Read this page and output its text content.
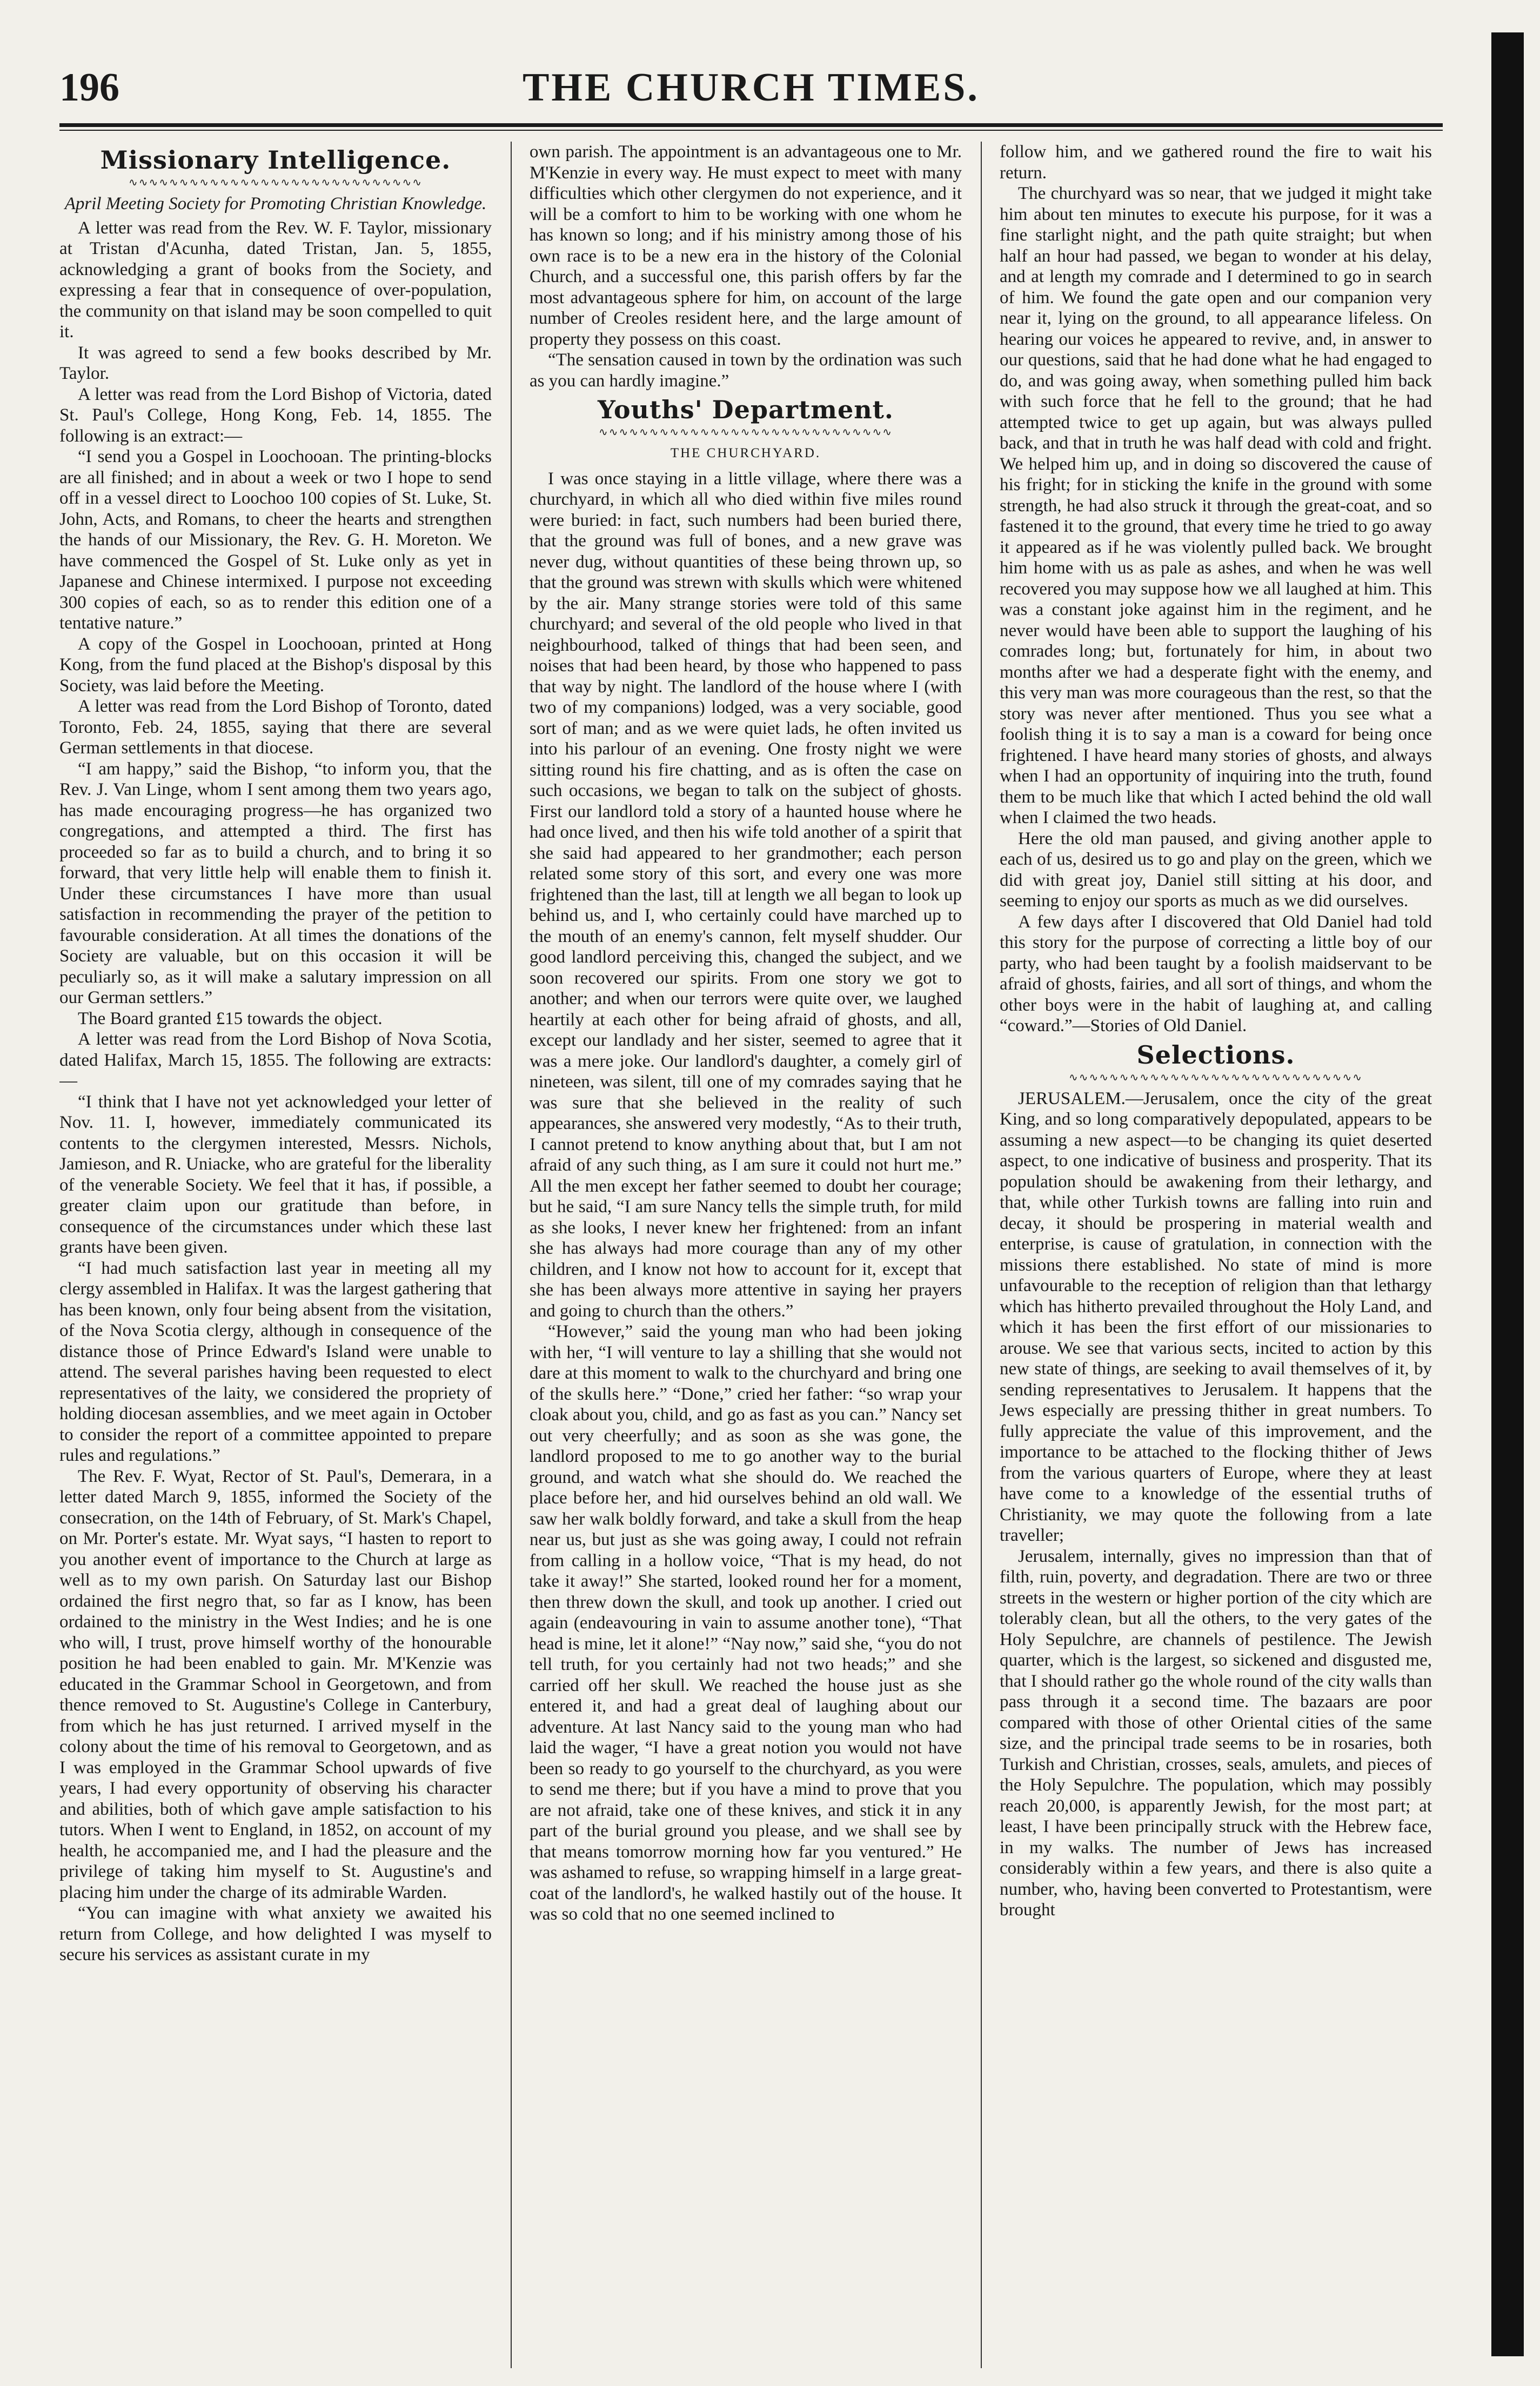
196	THE CHURCH TIMES.
Missionary Intelligence.
∿∿∿∿∿∿∿∿∿∿∿∿∿∿∿∿∿∿∿∿∿∿∿∿∿∿∿∿∿
April Meeting Society for Promoting Christian Knowledge.

A letter was read from the Rev. W. F. Taylor, missionary at Tristan d'Acunha, dated Tristan, Jan. 5, 1855, acknowledging a grant of books from the Society, and expressing a fear that in consequence of over-population, the community on that island may be soon compelled to quit it.

It was agreed to send a few books described by Mr. Taylor.

A letter was read from the Lord Bishop of Victoria, dated St. Paul's College, Hong Kong, Feb. 14, 1855. The following is an extract:—

“I send you a Gospel in Loochooan. The printing-blocks are all finished; and in about a week or two I hope to send off in a vessel direct to Loochoo 100 copies of St. Luke, St. John, Acts, and Romans, to cheer the hearts and strengthen the hands of our Missionary, the Rev. G. H. Moreton. We have commenced the Gospel of St. Luke only as yet in Japanese and Chinese intermixed. I purpose not exceeding 300 copies of each, so as to render this edition one of a tentative nature.”

A copy of the Gospel in Loochooan, printed at Hong Kong, from the fund placed at the Bishop's disposal by this Society, was laid before the Meeting.

A letter was read from the Lord Bishop of Toronto, dated Toronto, Feb. 24, 1855, saying that there are several German settlements in that diocese.

“I am happy,” said the Bishop, “to inform you, that the Rev. J. Van Linge, whom I sent among them two years ago, has made encouraging progress—he has organized two congregations, and attempted a third. The first has proceeded so far as to build a church, and to bring it so forward, that very little help will enable them to finish it. Under these circumstances I have more than usual satisfaction in recommending the prayer of the petition to favourable consideration. At all times the donations of the Society are valuable, but on this occasion it will be peculiarly so, as it will make a salutary impression on all our German settlers.”

The Board granted £15 towards the object.

A letter was read from the Lord Bishop of Nova Scotia, dated Halifax, March 15, 1855. The following are extracts:—

“I think that I have not yet acknowledged your letter of Nov. 11. I, however, immediately communicated its contents to the clergymen interested, Messrs. Nichols, Jamieson, and R. Uniacke, who are grateful for the liberality of the venerable Society. We feel that it has, if possible, a greater claim upon our gratitude than before, in consequence of the circumstances under which these last grants have been given.

“I had much satisfaction last year in meeting all my clergy assembled in Halifax. It was the largest gathering that has been known, only four being absent from the visitation, of the Nova Scotia clergy, although in consequence of the distance those of Prince Edward's Island were unable to attend. The several parishes having been requested to elect representatives of the laity, we considered the propriety of holding diocesan assemblies, and we meet again in October to consider the report of a committee appointed to prepare rules and regulations.”

The Rev. F. Wyat, Rector of St. Paul's, Demerara, in a letter dated March 9, 1855, informed the Society of the consecration, on the 14th of February, of St. Mark's Chapel, on Mr. Porter's estate. Mr. Wyat says, “I hasten to report to you another event of importance to the Church at large as well as to my own parish. On Saturday last our Bishop ordained the first negro that, so far as I know, has been ordained to the ministry in the West Indies; and he is one who will, I trust, prove himself worthy of the honourable position he had been enabled to gain. Mr. M'Kenzie was educated in the Grammar School in Georgetown, and from thence removed to St. Augustine's College in Canterbury, from which he has just returned. I arrived myself in the colony about the time of his removal to Georgetown, and as I was employed in the Grammar School upwards of five years, I had every opportunity of observing his character and abilities, both of which gave ample satisfaction to his tutors. When I went to England, in 1852, on account of my health, he accompanied me, and I had the pleasure and the privilege of taking him myself to St. Augustine's and placing him under the charge of its admirable Warden.

“You can imagine with what anxiety we awaited his return from College, and how delighted I was myself to secure his services as assistant curate in my

own parish. The appointment is an advantageous one to Mr. M'Kenzie in every way. He must expect to meet with many difficulties which other clergymen do not experience, and it will be a comfort to him to be working with one whom he has known so long; and if his ministry among those of his own race is to be a new era in the history of the Colonial Church, and a successful one, this parish offers by far the most advantageous sphere for him, on account of the large number of Creoles resident here, and the large amount of property they possess on this coast.

“The sensation caused in town by the ordination was such as you can hardly imagine.”

Youths' Department.
∿∿∿∿∿∿∿∿∿∿∿∿∿∿∿∿∿∿∿∿∿∿∿∿∿∿∿∿∿
THE CHURCHYARD.

I was once staying in a little village, where there was a churchyard, in which all who died within five miles round were buried: in fact, such numbers had been buried there, that the ground was full of bones, and a new grave was never dug, without quantities of these being thrown up, so that the ground was strewn with skulls which were whitened by the air. Many strange stories were told of this same churchyard; and several of the old people who lived in that neighbourhood, talked of things that had been seen, and noises that had been heard, by those who happened to pass that way by night. The landlord of the house where I (with two of my companions) lodged, was a very sociable, good sort of man; and as we were quiet lads, he often invited us into his parlour of an evening. One frosty night we were sitting round his fire chatting, and as is often the case on such occasions, we began to talk on the subject of ghosts. First our landlord told a story of a haunted house where he had once lived, and then his wife told another of a spirit that she said had appeared to her grandmother; each person related some story of this sort, and every one was more frightened than the last, till at length we all began to look up behind us, and I, who certainly could have marched up to the mouth of an enemy's cannon, felt myself shudder. Our good landlord perceiving this, changed the subject, and we soon recovered our spirits. From one story we got to another; and when our terrors were quite over, we laughed heartily at each other for being afraid of ghosts, and all, except our landlady and her sister, seemed to agree that it was a mere joke. Our landlord's daughter, a comely girl of nineteen, was silent, till one of my comrades saying that he was sure that she believed in the reality of such appearances, she answered very modestly, “As to their truth, I cannot pretend to know anything about that, but I am not afraid of any such thing, as I am sure it could not hurt me.” All the men except her father seemed to doubt her courage; but he said, “I am sure Nancy tells the simple truth, for mild as she looks, I never knew her frightened: from an infant she has always had more courage than any of my other children, and I know not how to account for it, except that she has been always more attentive in saying her prayers and going to church than the others.”

“However,” said the young man who had been joking with her, “I will venture to lay a shilling that she would not dare at this moment to walk to the churchyard and bring one of the skulls here.” “Done,” cried her father: “so wrap your cloak about you, child, and go as fast as you can.” Nancy set out very cheerfully; and as soon as she was gone, the landlord proposed to me to go another way to the burial ground, and watch what she should do. We reached the place before her, and hid ourselves behind an old wall. We saw her walk boldly forward, and take a skull from the heap near us, but just as she was going away, I could not refrain from calling in a hollow voice, “That is my head, do not take it away!” She started, looked round her for a moment, then threw down the skull, and took up another. I cried out again (endeavouring in vain to assume another tone), “That head is mine, let it alone!” “Nay now,” said she, “you do not tell truth, for you certainly had not two heads;” and she carried off her skull. We reached the house just as she entered it, and had a great deal of laughing about our adventure. At last Nancy said to the young man who had laid the wager, “I have a great notion you would not have been so ready to go yourself to the churchyard, as you were to send me there; but if you have a mind to prove that you are not afraid, take one of these knives, and stick it in any part of the burial ground you please, and we shall see by that means tomorrow morning how far you ventured.” He was ashamed to refuse, so wrapping himself in a large great-coat of the landlord's, he walked hastily out of the house. It was so cold that no one seemed inclined to

follow him, and we gathered round the fire to wait his return.

The churchyard was so near, that we judged it might take him about ten minutes to execute his purpose, for it was a fine starlight night, and the path quite straight; but when half an hour had passed, we began to wonder at his delay, and at length my comrade and I determined to go in search of him. We found the gate open and our companion very near it, lying on the ground, to all appearance lifeless. On hearing our voices he appeared to revive, and, in answer to our questions, said that he had done what he had engaged to do, and was going away, when something pulled him back with such force that he fell to the ground; that he had attempted twice to get up again, but was always pulled back, and that in truth he was half dead with cold and fright. We helped him up, and in doing so discovered the cause of his fright; for in sticking the knife in the ground with some strength, he had also struck it through the great-coat, and so fastened it to the ground, that every time he tried to go away it appeared as if he was violently pulled back. We brought him home with us as pale as ashes, and when he was well recovered you may suppose how we all laughed at him. This was a constant joke against him in the regiment, and he never would have been able to support the laughing of his comrades long; but, fortunately for him, in about two months after we had a desperate fight with the enemy, and this very man was more courageous than the rest, so that the story was never after mentioned. Thus you see what a foolish thing it is to say a man is a coward for being once frightened. I have heard many stories of ghosts, and always when I had an opportunity of inquiring into the truth, found them to be much like that which I acted behind the old wall when I claimed the two heads.

Here the old man paused, and giving another apple to each of us, desired us to go and play on the green, which we did with great joy, Daniel still sitting at his door, and seeming to enjoy our sports as much as we did ourselves.

A few days after I discovered that Old Daniel had told this story for the purpose of correcting a little boy of our party, who had been taught by a foolish maidservant to be afraid of ghosts, fairies, and all sort of things, and whom the other boys were in the habit of laughing at, and calling “coward.”—Stories of Old Daniel.

Selections.
∿∿∿∿∿∿∿∿∿∿∿∿∿∿∿∿∿∿∿∿∿∿∿∿∿∿∿∿∿

JERUSALEM.—Jerusalem, once the city of the great King, and so long comparatively depopulated, appears to be assuming a new aspect—to be changing its quiet deserted aspect, to one indicative of business and prosperity. That its population should be awakening from their lethargy, and that, while other Turkish towns are falling into ruin and decay, it should be prospering in material wealth and enterprise, is cause of gratulation, in connection with the missions there established. No state of mind is more unfavourable to the reception of religion than that lethargy which has hitherto prevailed throughout the Holy Land, and which it has been the first effort of our missionaries to arouse. We see that various sects, incited to action by this new state of things, are seeking to avail themselves of it, by sending representatives to Jerusalem. It happens that the Jews especially are pressing thither in great numbers. To fully appreciate the value of this improvement, and the importance to be attached to the flocking thither of Jews from the various quarters of Europe, where they at least have come to a knowledge of the essential truths of Christianity, we may quote the following from a late traveller;

Jerusalem, internally, gives no impression than that of filth, ruin, poverty, and degradation. There are two or three streets in the western or higher portion of the city which are tolerably clean, but all the others, to the very gates of the Holy Sepulchre, are channels of pestilence. The Jewish quarter, which is the largest, so sickened and disgusted me, that I should rather go the whole round of the city walls than pass through it a second time. The bazaars are poor compared with those of other Oriental cities of the same size, and the principal trade seems to be in rosaries, both Turkish and Christian, crosses, seals, amulets, and pieces of the Holy Sepulchre. The population, which may possibly reach 20,000, is apparently Jewish, for the most part; at least, I have been principally struck with the Hebrew face, in my walks. The number of Jews has increased considerably within a few years, and there is also quite a number, who, having been converted to Protestantism, were brought
